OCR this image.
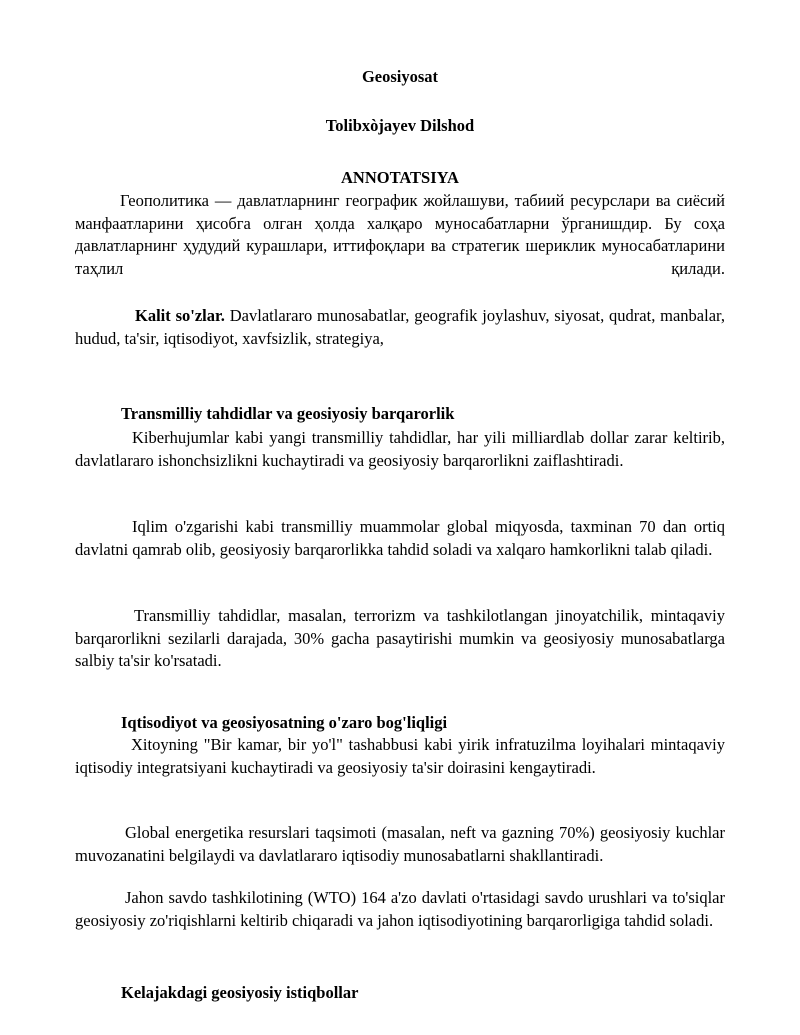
Geosiyosat
Tolibxòjayev Dilshod
ANNOTATSIYA
Геополитика — давлатларнинг географик жойлашуви, табиий ресурслари ва сиёсий манфаатларини ҳисобга олган ҳолда халқаро муносабатларни ўрганишдир. Бу соҳа давлатларнинг ҳудудий курашлари, иттифоқлари ва стратегик шериклик муносабатларини таҳлил қилади.
Kalit so'zlar. Davlatlararo munosabatlar, geografik joylashuv, siyosat, qudrat, manbalar, hudud, ta'sir, iqtisodiyot, xavfsizlik, strategiya,
Transmilliy tahdidlar va geosiyosiy barqarorlik
Kiberhujumlar kabi yangi transmilliy tahdidlar, har yili milliardlab dollar zarar keltirib, davlatlararo ishonchsizlikni kuchaytiradi va geosiyosiy barqarorlikni zaiflashtiradi.
Iqlim o'zgarishi kabi transmilliy muammolar global miqyosda, taxminan 70 dan ortiq davlatni qamrab olib, geosiyosiy barqarorlikka tahdid soladi va xalqaro hamkorlikni talab qiladi.
Transmilliy tahdidlar, masalan, terrorizm va tashkilotlangan jinoyatchilik, mintaqaviy barqarorlikni sezilarli darajada, 30% gacha pasaytirishi mumkin va geosiyosiy munosabatlarga salbiy ta'sir ko'rsatadi.
Iqtisodiyot va geosiyosatning o'zaro bog'liqligi
Xitoyning "Bir kamar, bir yo'l" tashabbusi kabi yirik infratuzilma loyihalari mintaqaviy iqtisodiy integratsiyani kuchaytiradi va geosiyosiy ta'sir doirasini kengaytiradi.
Global energetika resurslari taqsimoti (masalan, neft va gazning 70%) geosiyosiy kuchlar muvozanatini belgilaydi va davlatlararo iqtisodiy munosabatlarni shakllantiradi.
Jahon savdo tashkilotining (WTO) 164 a'zo davlati o'rtasidagi savdo urushlari va to'siqlar geosiyosiy zo'riqishlarni keltirib chiqaradi va jahon iqtisodiyotining barqarorligiga tahdid soladi.
Kelajakdagi geosiyosiy istiqbollar
